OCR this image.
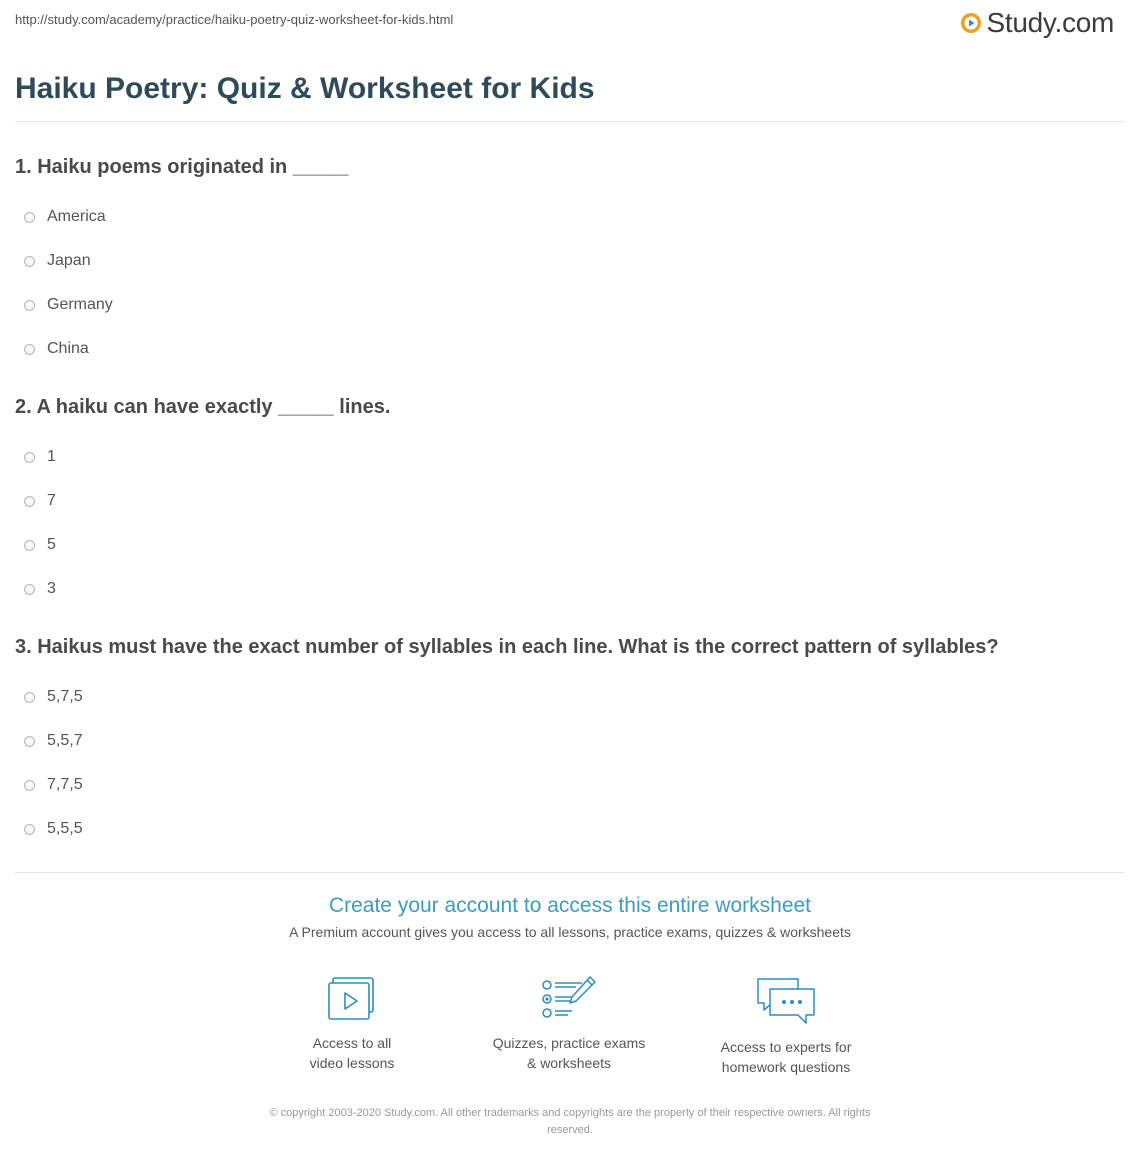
http://study.com/academy/practice/haiku-poetry-quiz-worksheet-for-kids.html	Study.com
Haiku Poetry: Quiz & Worksheet for Kids
1. Haiku poems originated in _____
America
Japan
Germany
China
2. A haiku can have exactly _____ lines.
1
7
5
3
3. Haikus must have the exact number of syllables in each line. What is the correct pattern of syllables?
5,7,5
5,5,7
7,7,5
5,5,5
Create your account to access this entire worksheet
A Premium account gives you access to all lessons, practice exams, quizzes & worksheets
Access to all
video lessons
Quizzes, practice exams
& worksheets
Access to experts for
homework questions
© copyright 2003-2020 Study.com. All other trademarks and copyrights are the property of their respective owners. All rights
reserved.
